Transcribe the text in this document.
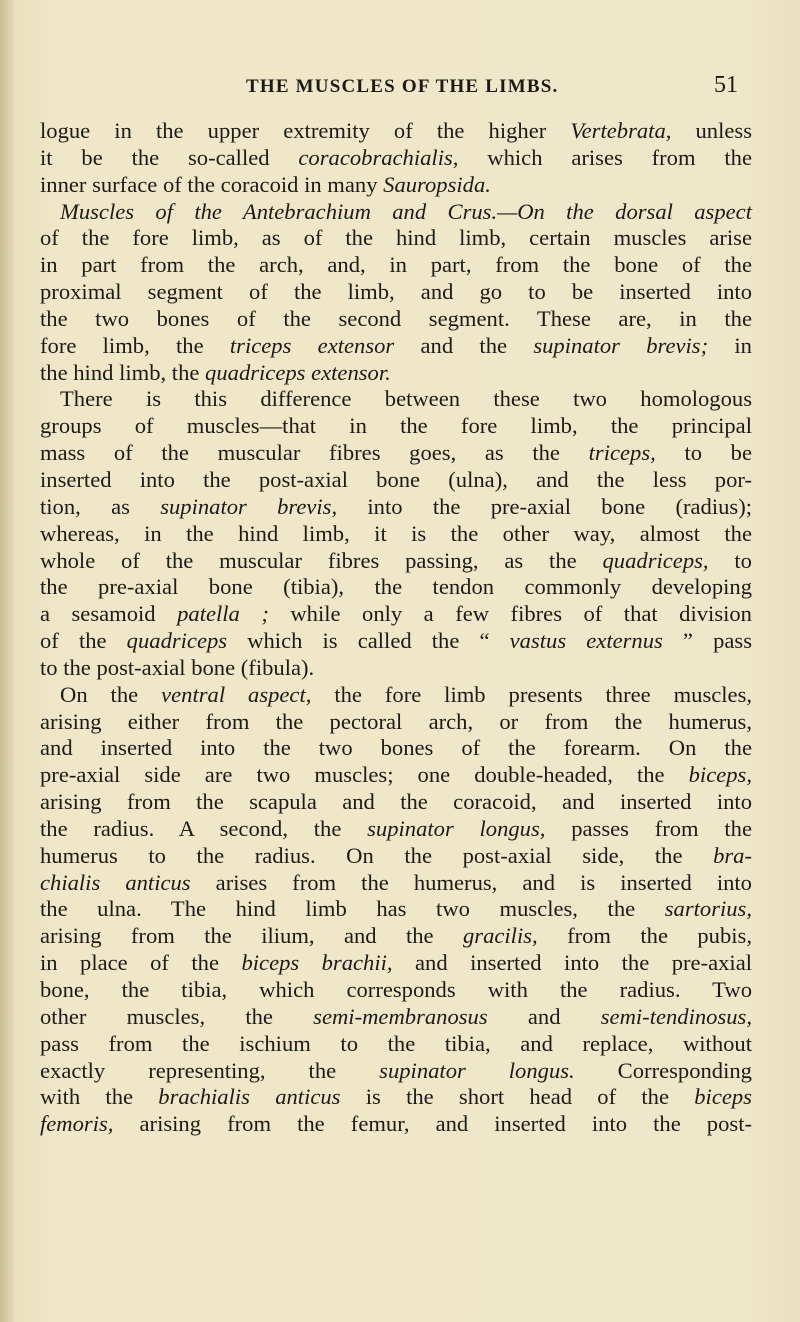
THE MUSCLES OF THE LIMBS.	51
logue in the upper extremity of the higher Vertebrata, unless
it be the so-called coracobrachialis, which arises from the
inner surface of the coracoid in many Sauropsida.
Muscles of the Antebrachium and Crus.—On the dorsal aspect
of the fore limb, as of the hind limb, certain muscles arise
in part from the arch, and, in part, from the bone of the
proximal segment of the limb, and go to be inserted into
the two bones of the second segment. These are, in the
fore limb, the triceps extensor and the supinator brevis; in
the hind limb, the quadriceps extensor.
There is this difference between these two homologous
groups of muscles—that in the fore limb, the principal
mass of the muscular fibres goes, as the triceps, to be
inserted into the post-axial bone (ulna), and the less por-
tion, as supinator brevis, into the pre-axial bone (radius);
whereas, in the hind limb, it is the other way, almost the
whole of the muscular fibres passing, as the quadriceps, to
the pre-axial bone (tibia), the tendon commonly developing
a sesamoid patella ; while only a few fibres of that division
of the quadriceps which is called the “ vastus externus ” pass
to the post-axial bone (fibula).
On the ventral aspect, the fore limb presents three muscles,
arising either from the pectoral arch, or from the humerus,
and inserted into the two bones of the forearm. On the
pre-axial side are two muscles; one double-headed, the biceps,
arising from the scapula and the coracoid, and inserted into
the radius. A second, the supinator longus, passes from the
humerus to the radius. On the post-axial side, the bra-
chialis anticus arises from the humerus, and is inserted into
the ulna. The hind limb has two muscles, the sartorius,
arising from the ilium, and the gracilis, from the pubis,
in place of the biceps brachii, and inserted into the pre-axial
bone, the tibia, which corresponds with the radius. Two
other muscles, the semi-membranosus and semi-tendinosus,
pass from the ischium to the tibia, and replace, without
exactly representing, the supinator longus. Corresponding
with the brachialis anticus is the short head of the biceps
femoris, arising from the femur, and inserted into the post-
